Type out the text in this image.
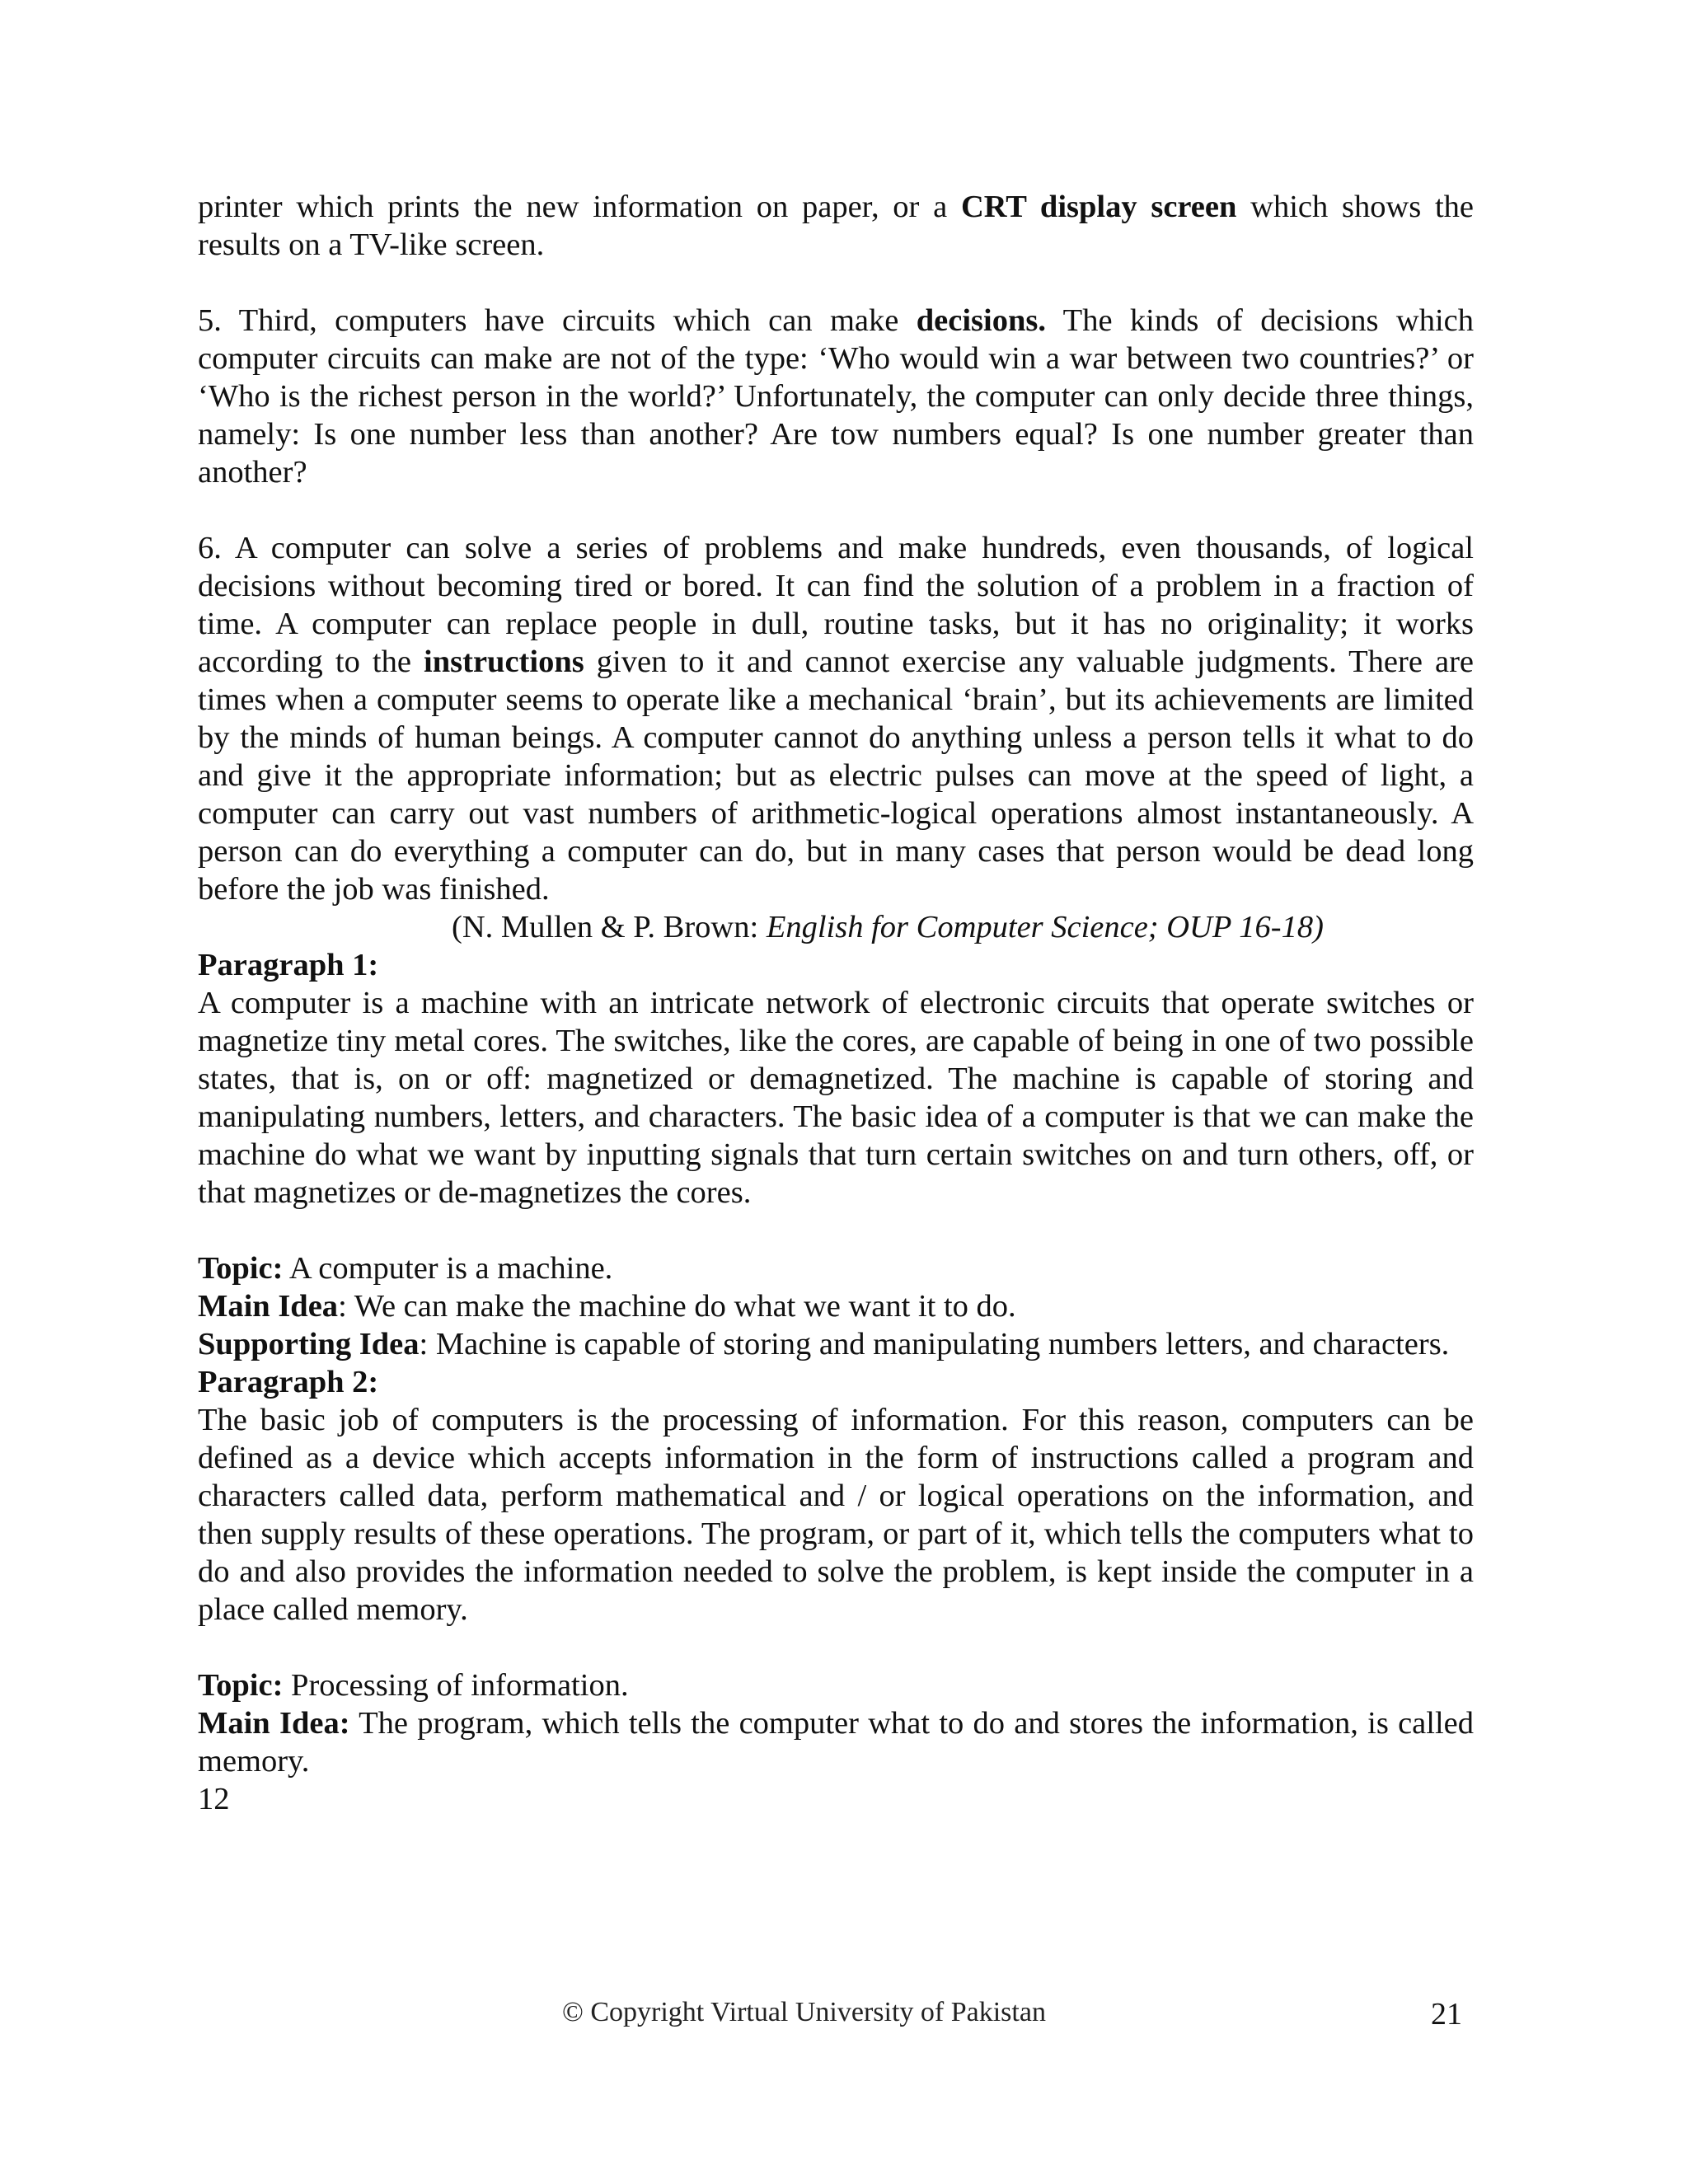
printer which prints the new information on paper, or a CRT display screen which shows the results on a TV-like screen.

5. Third, computers have circuits which can make decisions. The kinds of decisions which computer circuits can make are not of the type: ‘Who would win a war between two countries?’ or ‘Who is the richest person in the world?’ Unfortunately, the computer can only decide three things, namely: Is one number less than another? Are tow numbers equal? Is one number greater than another?

6. A computer can solve a series of problems and make hundreds, even thousands, of logical decisions without becoming tired or bored. It can find the solution of a problem in a fraction of time. A computer can replace people in dull, routine tasks, but it has no originality; it works according to the instructions given to it and cannot exercise any valuable judgments. There are times when a computer seems to operate like a mechanical ‘brain’, but its achievements are limited by the minds of human beings. A computer cannot do anything unless a person tells it what to do and give it the appropriate information; but as electric pulses can move at the speed of light, a computer can carry out vast numbers of arithmetic-logical operations almost instantaneously. A person can do everything a computer can do, but in many cases that person would be dead long before the job was finished.

(N. Mullen & P. Brown: English for Computer Science; OUP 16-18)

Paragraph 1:

A computer is a machine with an intricate network of electronic circuits that operate switches or magnetize tiny metal cores. The switches, like the cores, are capable of being in one of two possible states, that is, on or off: magnetized or demagnetized. The machine is capable of storing and manipulating numbers, letters, and characters. The basic idea of a computer is that we can make the machine do what we want by inputting signals that turn certain switches on and turn others, off, or that magnetizes or de-magnetizes the cores.

Topic: A computer is a machine.

Main Idea: We can make the machine do what we want it to do.

Supporting Idea: Machine is capable of storing and manipulating numbers letters, and characters.

Paragraph 2:

The basic job of computers is the processing of information. For this reason, computers can be defined as a device which accepts information in the form of instructions called a program and characters called data, perform mathematical and / or logical operations on the information, and then supply results of these operations. The program, or part of it, which tells the computers what to do and also provides the information needed to solve the problem, is kept inside the computer in a place called memory.

Topic: Processing of information.

Main Idea: The program, which tells the computer what to do and stores the information, is called memory.

12

© Copyright Virtual University of Pakistan	21
